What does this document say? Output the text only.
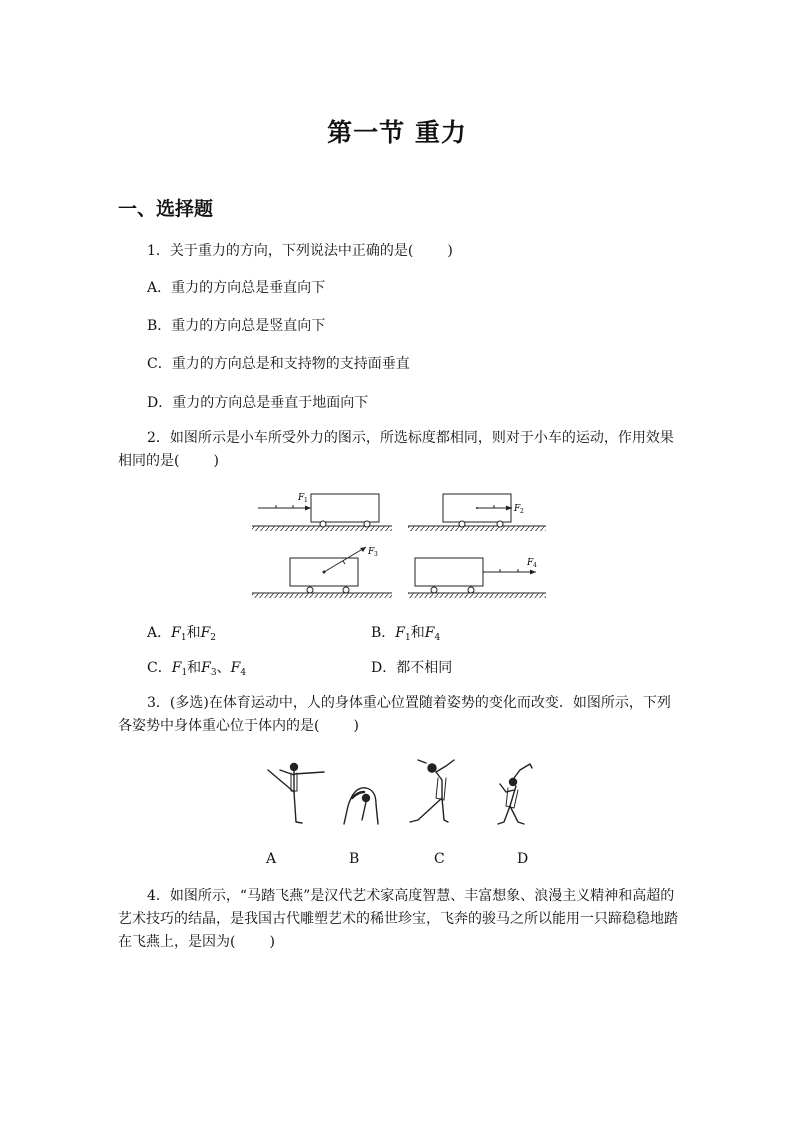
第一节 重力
一、选择题
1．关于重力的方向，下列说法中正确的是( )
A．重力的方向总是垂直向下
B．重力的方向总是竖直向下
C．重力的方向总是和支持物的支持面垂直
D．重力的方向总是垂直于地面向下
2．如图所示是小车所受外力的图示，所选标度都相同，则对于小车的运动，作用效果
相同的是( )
F 1
F 2
F 3
F 4
A．$F_1$和$F_2$	B．$F_1$和$F_4$
C．$F_1$和$F_3$、$F_4$	D．都不相同
3．(多选)在体育运动中，人的身体重心位置随着姿势的变化而改变．如图所示，下列
各姿势中身体重心位于体内的是( )
A	B	C	D
4．如图所示，“马踏飞燕”是汉代艺术家高度智慧、丰富想象、浪漫主义精神和高超的
艺术技巧的结晶，是我国古代雕塑艺术的稀世珍宝，飞奔的骏马之所以能用一只蹄稳稳地踏
在飞燕上，是因为( )
